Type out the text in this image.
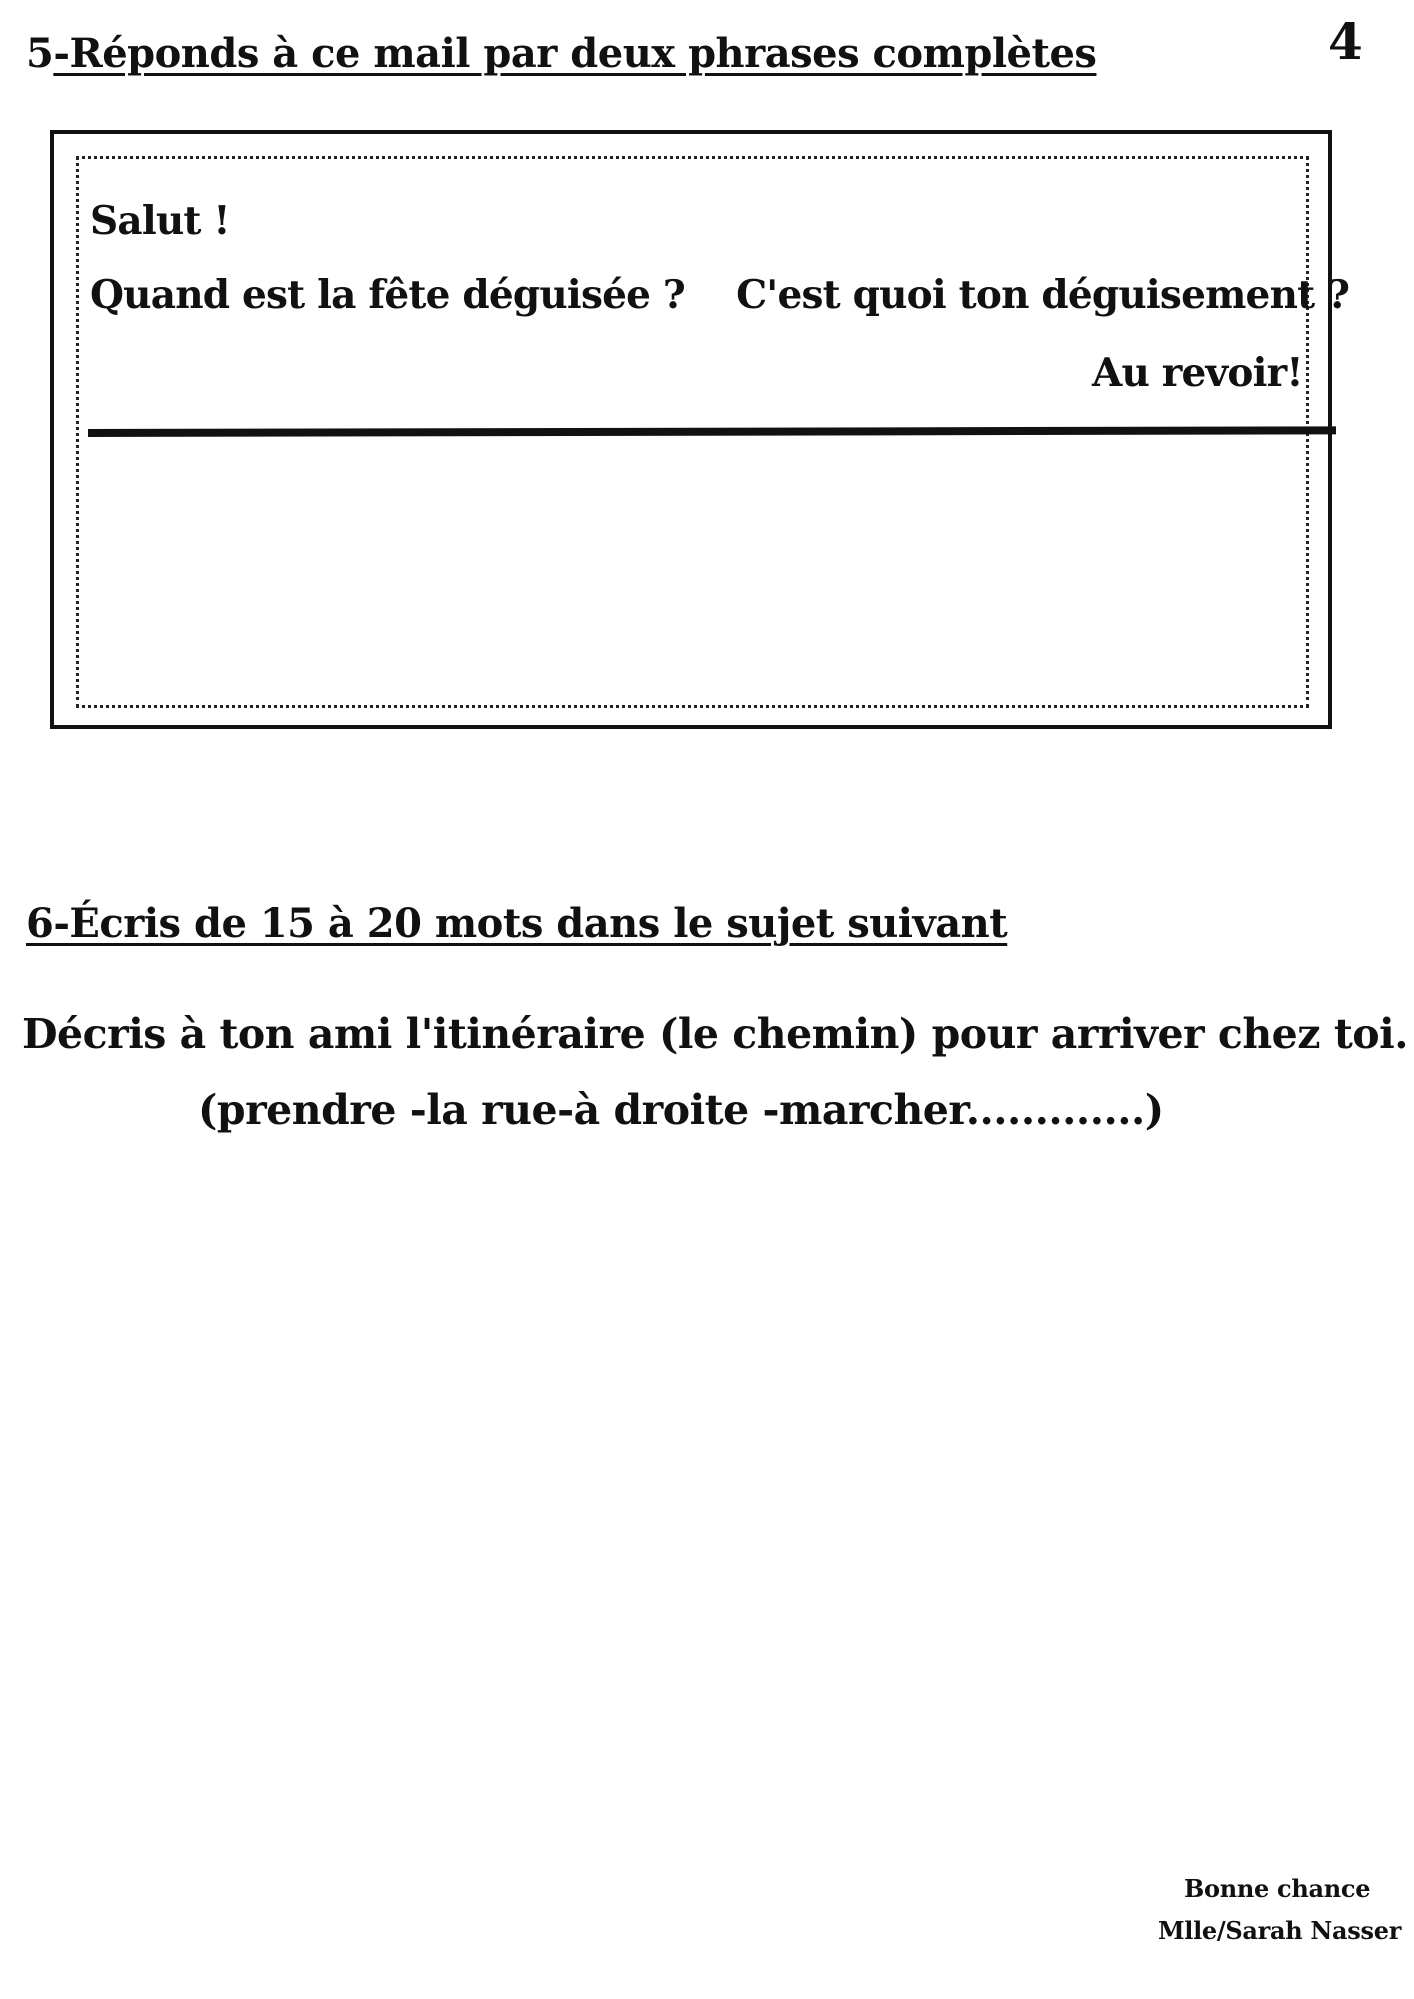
4
5-Réponds à ce mail par deux phrases complètes
Salut !
Quand est la fête déguisée ?    C'est quoi ton déguisement ?
Au revoir!
6-Écris de 15 à 20 mots dans le sujet suivant
Décris à ton ami l'itinéraire (le chemin) pour arriver chez toi.
(prendre -la rue-à droite -marcher.............)
Bonne chance
Mlle/Sarah Nasser
